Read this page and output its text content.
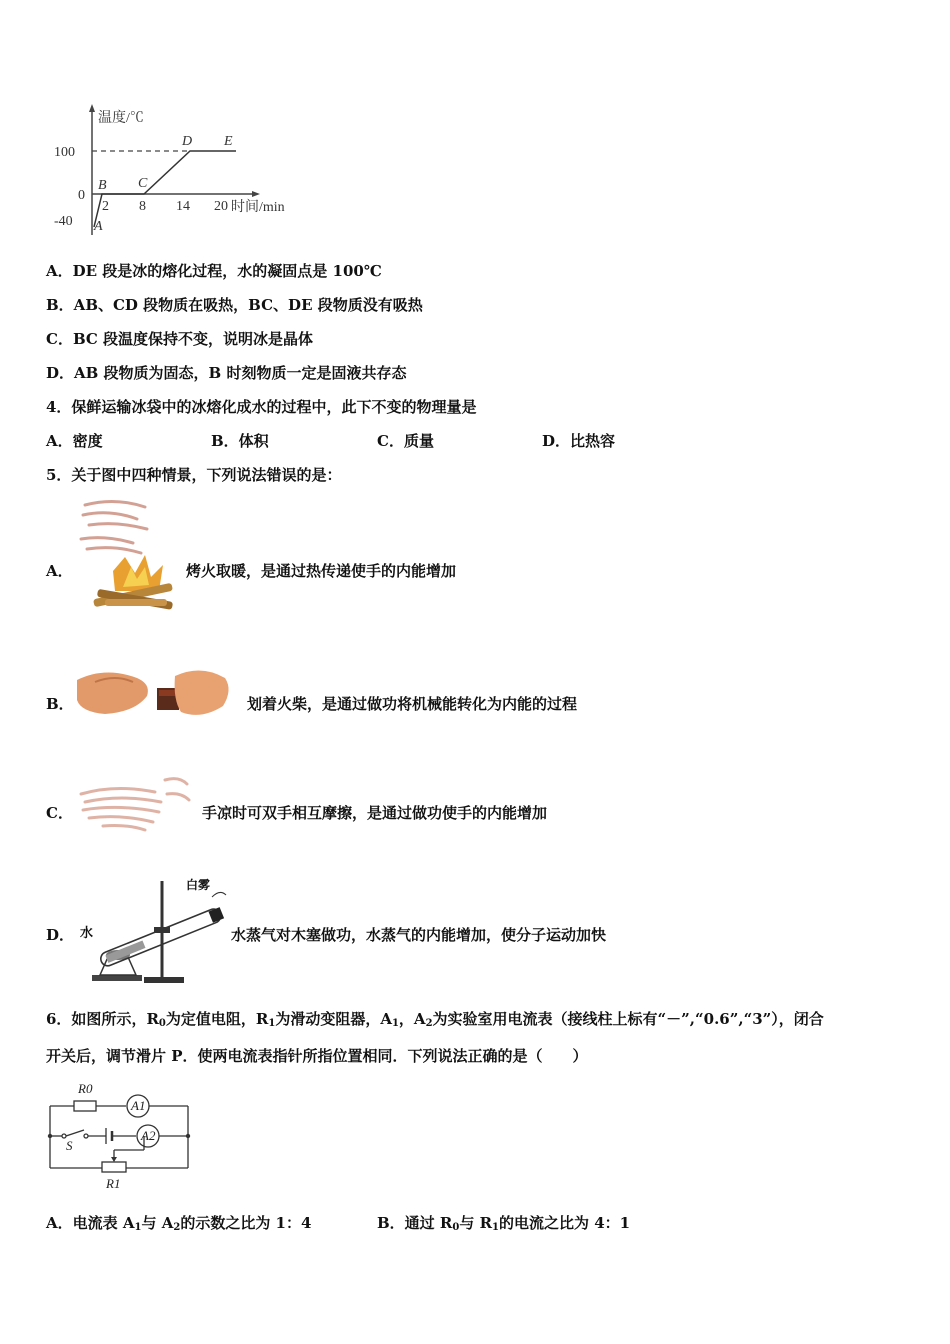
温度/℃
100
0
-40
2 8 14 20 时间/min
A
B C
D E
A．DE 段是冰的熔化过程，水的凝固点是 100℃
B．AB、CD 段物质在吸热，BC、DE 段物质没有吸热
C．BC 段温度保持不变，说明冰是晶体
D．AB 段物质为固态，B 时刻物质一定是固液共存态
4．保鲜运输冰袋中的冰熔化成水的过程中，此下不变的物理量是
A．密度	B．体积	C．质量	D．比热容
5．关于图中四种情景，下列说法错误的是：
A．	烤火取暖，是通过热传递使手的内能增加
B．	划着火柴，是通过做功将机械能转化为内能的过程
C．	手凉时可双手相互摩擦，是通过做功使手的内能增加
D． 水
白雾
水蒸气对木塞做功，水蒸气的内能增加，使分子运动加快
6．如图所示，$R_0$为定值电阻，$R_1$为滑动变阻器，$A_1$，$A_2$为实验室用电流表（接线柱上标有“－”,“0.6”,“3”），闭合
开关后，调节滑片 P．使两电流表指针所指位置相同．下列说法正确的是（　　）
R0
A1
S
A2
R1
A．电流表 $A_1$与 $A_2$的示数之比为 1：4	B．通过 $R_0$与 $R_1$的电流之比为 4：1
